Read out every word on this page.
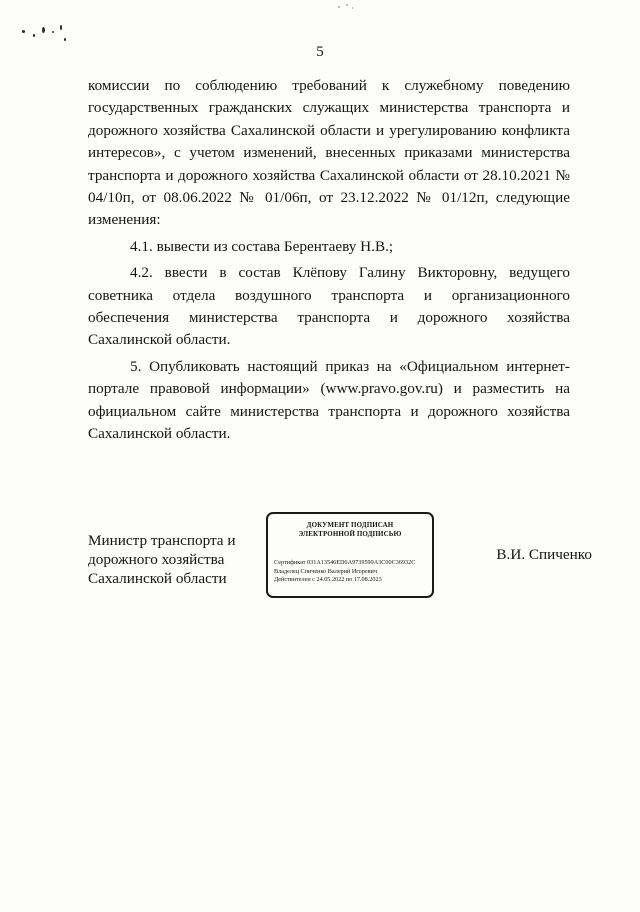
5

комиссии по соблюдению требований к служебному поведению государственных гражданских служащих министерства транспорта и дорожного хозяйства Сахалинской области и урегулированию конфликта интересов», с учетом изменений, внесенных приказами министерства транспорта и дорожного хозяйства Сахалинской области от 28.10.2021 № 04/10п, от 08.06.2022 № 01/06п, от 23.12.2022 № 01/12п, следующие изменения:

4.1. вывести из состава Берентаеву Н.В.;

4.2. ввести в состав Клёпову Галину Викторовну, ведущего советника отдела воздушного транспорта и организационного обеспечения министерства транспорта и дорожного хозяйства Сахалинской области.

5. Опубликовать настоящий приказ на «Официальном интернет-портале правовой информации» (www.pravo.gov.ru) и разместить на официальном сайте министерства транспорта и дорожного хозяйства Сахалинской области.

Министр транспорта и
дорожного хозяйства
Сахалинской области
ДОКУМЕНТ ПОДПИСАН
ЭЛЕКТРОННОЙ ПОДПИСЬЮ
Сертификат 031A13546ED6A9739599A3C00C36932C
Владелец Спиченко Валерий Игоревич
Действителен с 24.05.2022 по 17.08.2023
В.И. Спиченко
